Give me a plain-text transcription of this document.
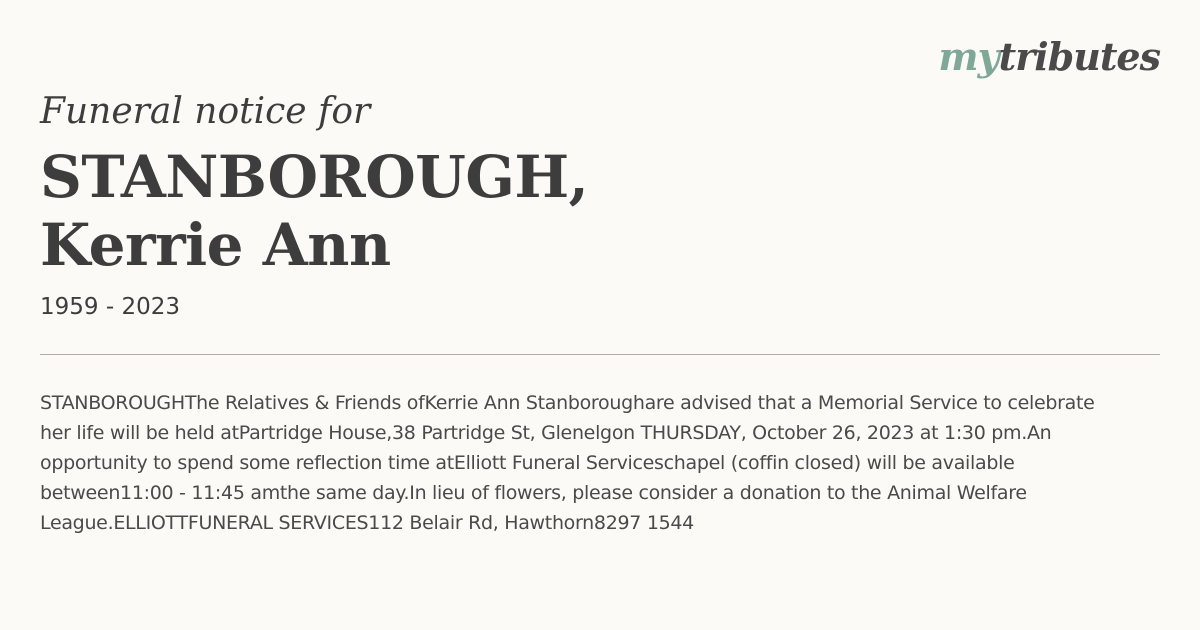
mytributes
Funeral notice for
STANBOROUGH,
Kerrie Ann
1959 - 2023

STANBOROUGHThe Relatives & Friends ofKerrie Ann Stanboroughare advised that a Memorial Service to celebrate her life will be held atPartridge House,38 Partridge St, Glenelgon THURSDAY, October 26, 2023 at 1:30 pm.An opportunity to spend some reflection time atElliott Funeral Serviceschapel (coffin closed) will be available between11:00 - 11:45 amthe same day.In lieu of flowers, please consider a donation to the Animal Welfare League.ELLIOTTFUNERAL SERVICES112 Belair Rd, Hawthorn8297 1544
